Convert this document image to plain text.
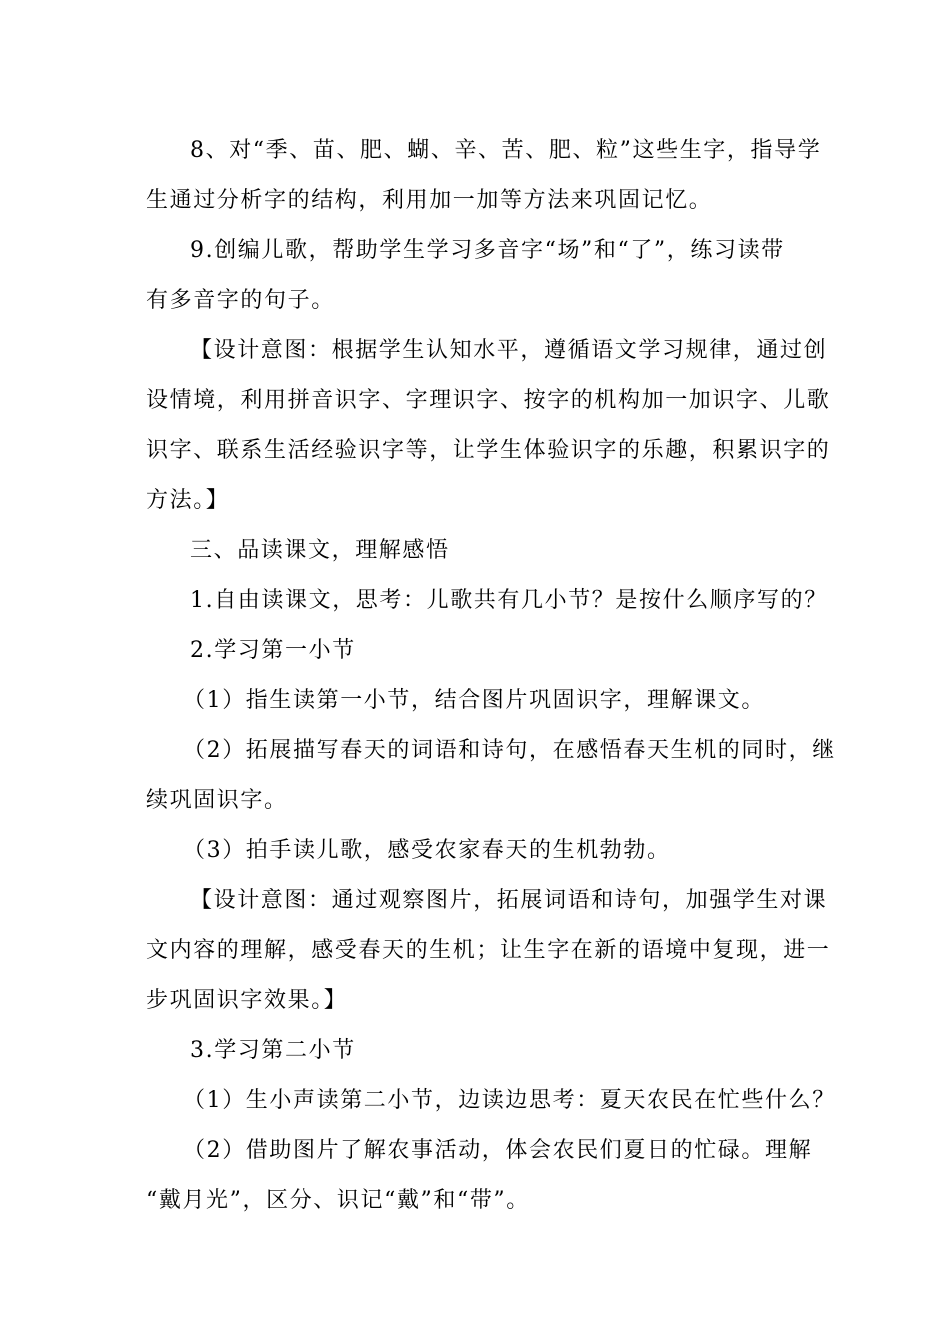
8、对“季、苗、肥、蝴、辛、苦、肥、粒”这些生字，指导学
生通过分析字的结构，利用加一加等方法来巩固记忆。
9.创编儿歌，帮助学生学习多音字“场”和“了”，练习读带
有多音字的句子。
【设计意图：根据学生认知水平，遵循语文学习规律，通过创
设情境，利用拼音识字、字理识字、按字的机构加一加识字、儿歌
识字、联系生活经验识字等，让学生体验识字的乐趣，积累识字的
方法。】
三、品读课文，理解感悟
1.自由读课文，思考：儿歌共有几小节？是按什么顺序写的？
2.学习第一小节
（1）指生读第一小节，结合图片巩固识字，理解课文。
（2）拓展描写春天的词语和诗句，在感悟春天生机的同时，继
续巩固识字。
（3）拍手读儿歌，感受农家春天的生机勃勃。
【设计意图：通过观察图片，拓展词语和诗句，加强学生对课
文内容的理解，感受春天的生机；让生字在新的语境中复现，进一
步巩固识字效果。】
3.学习第二小节
（1）生小声读第二小节，边读边思考：夏天农民在忙些什么？
（2）借助图片了解农事活动，体会农民们夏日的忙碌。理解
“戴月光”，区分、识记“戴”和“带”。
